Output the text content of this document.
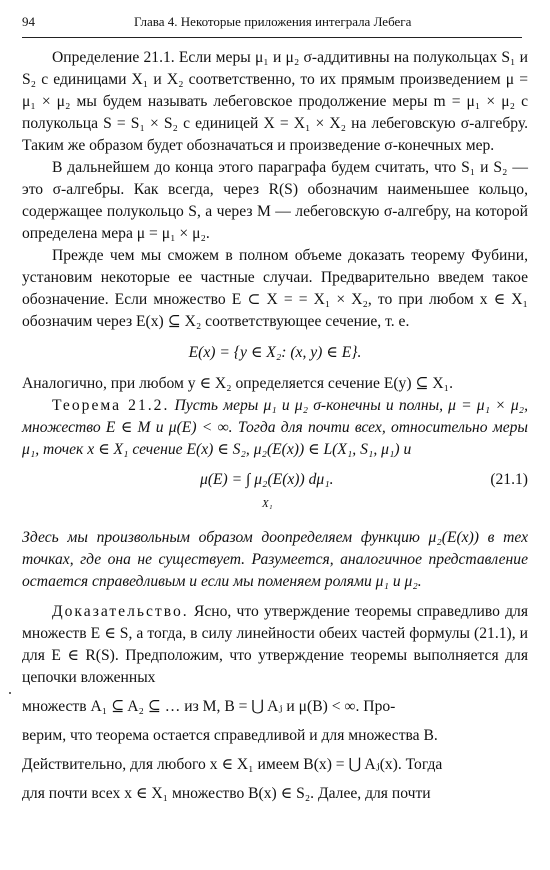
94	Глава 4. Некоторые приложения интеграла Лебега

Определение 21.1. Если меры μ₁ и μ₂ σ-аддитивны на полукольцах S₁ и S₂ с единицами X₁ и X₂ соответственно, то их прямым произведением μ = μ₁ × μ₂ мы будем называть лебеговское продолжение меры m = μ₁ × μ₂ с полукольца S = S₁ × S₂ с единицей X = X₁ × X₂ на лебеговскую σ-алгебру. Таким же образом будет обозначаться и произведение σ-конечных мер.

В дальнейшем до конца этого параграфа будем считать, что S₁ и S₂ — это σ-алгебры. Как всегда, через R(S) обозначим наименьшее кольцо, содержащее полукольцо S, а через M — лебеговскую σ-алгебру, на которой определена мера μ = μ₁ × μ₂.

Прежде чем мы сможем в полном объеме доказать теорему Фубини, установим некоторые ее частные случаи. Предварительно введем такое обозначение. Если множество E ⊂ X = = X₁ × X₂, то при любом x ∈ X₁ обозначим через E(x) ⊆ X₂ соответствующее сечение, т. е.

E(x) = {y ∈ X₂: (x, y) ∈ E}.

Аналогично, при любом y ∈ X₂ определяется сечение E(y) ⊆ X₁.

Теорема 21.2. Пусть меры μ₁ и μ₂ σ-конечны и полны, μ = μ₁ × μ₂, множество E ∈ M и μ(E) < ∞. Тогда для почти всех, относительно меры μ₁, точек x ∈ X₁ сечение E(x) ∈ S₂, μ₂(E(x)) ∈ L(X₁, S₁, μ₁) и

μ(E) = ∫ μ₂(E(x)) dμ₁.
X₁
(21.1)

Здесь мы произвольным образом доопределяем функцию μ₂(E(x)) в тех точках, где она не существует. Разумеется, аналогичное представление остается справедливым и если мы поменяем ролями μ₁ и μ₂.

Доказательство. Ясно, что утверждение теоремы справедливо для множеств E ∈ S, а тогда, в силу линейности обеих частей формулы (21.1), и для E ∈ R(S). Предположим, что утверждение теоремы выполняется для цепочки вложенных

множеств A₁ ⊆ A₂ ⊆ … из M, B = ⋃ Aⱼ и μ(B) < ∞. Про-

верим, что теорема остается справедливой и для множества B.

Действительно, для любого x ∈ X₁ имеем B(x) = ⋃ Aⱼ(x). Тогда

для почти всех x ∈ X₁ множество B(x) ∈ S₂. Далее, для почти
